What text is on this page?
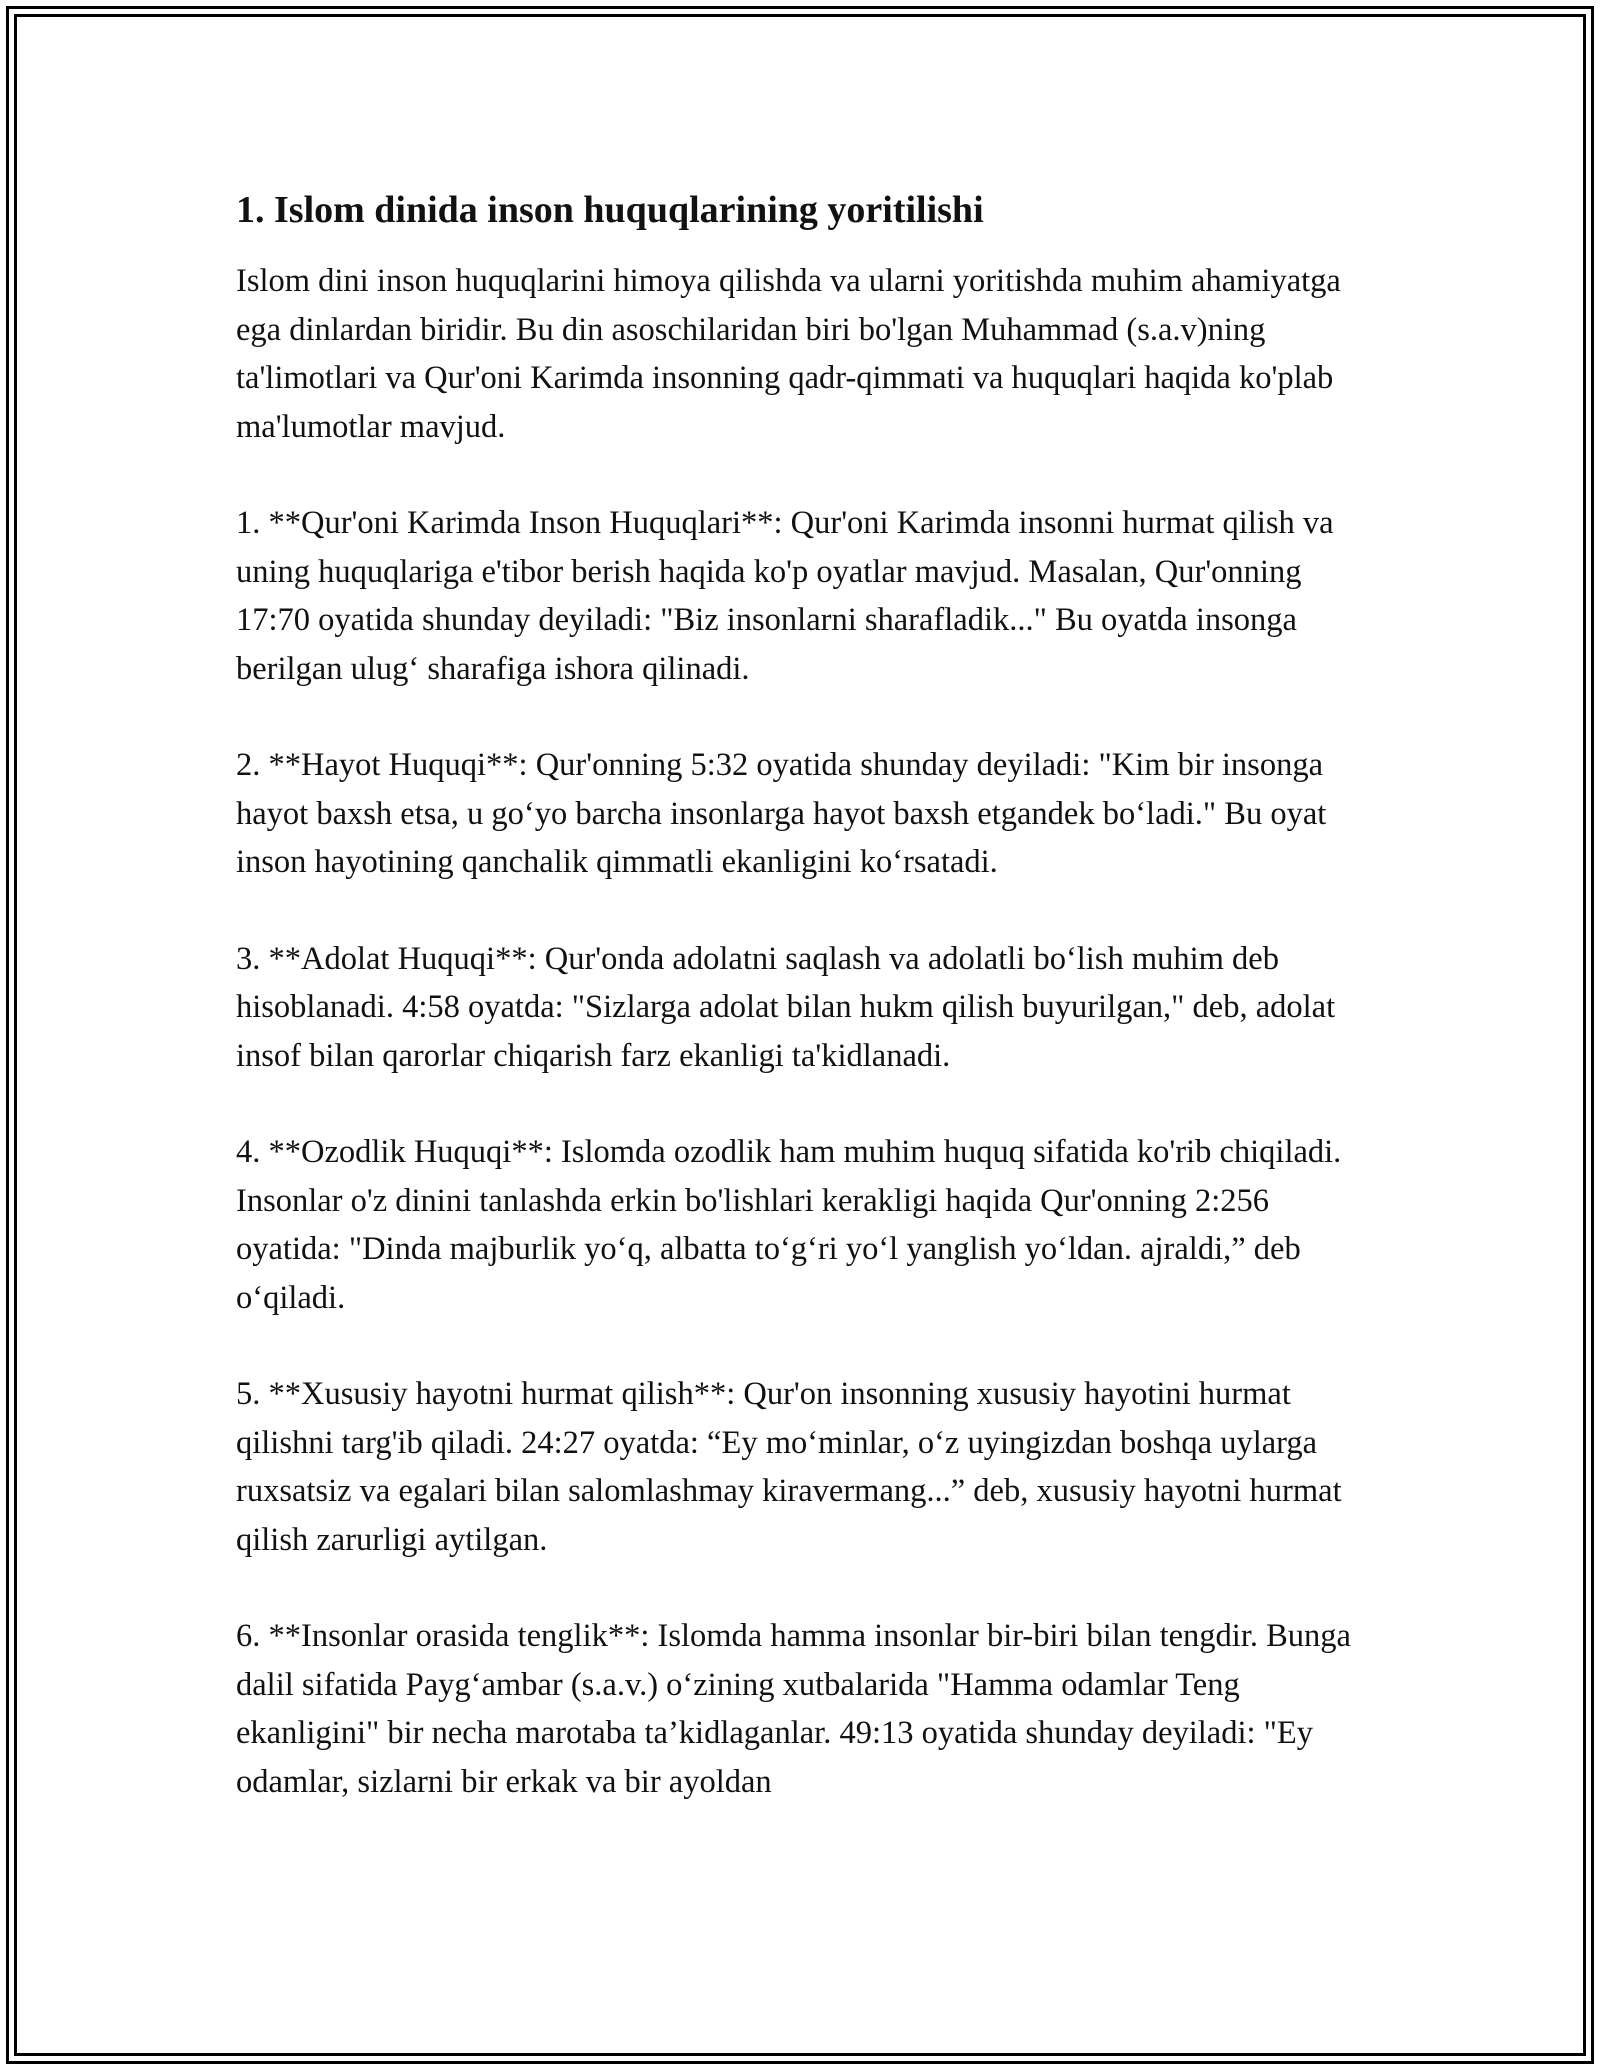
1. Islom dinida inson huquqlarining yoritilishi

Islom dini inson huquqlarini himoya qilishda va ularni yoritishda muhim ahamiyatga ega dinlardan biridir. Bu din asoschilaridan biri bo'lgan Muhammad (s.a.v)ning ta'limotlari va Qur'oni Karimda insonning qadr-qimmati va huquqlari haqida ko'plab ma'lumotlar mavjud.

1. **Qur'oni Karimda Inson Huquqlari**: Qur'oni Karimda insonni hurmat qilish va uning huquqlariga e'tibor berish haqida ko'p oyatlar mavjud. Masalan, Qur'onning 17:70 oyatida shunday deyiladi: "Biz insonlarni sharafladik..." Bu oyatda insonga berilgan ulug‘ sharafiga ishora qilinadi.

2. **Hayot Huquqi**: Qur'onning 5:32 oyatida shunday deyiladi: "Kim bir insonga hayot baxsh etsa, u go‘yo barcha insonlarga hayot baxsh etgandek bo‘ladi." Bu oyat inson hayotining qanchalik qimmatli ekanligini ko‘rsatadi.

3. **Adolat Huquqi**: Qur'onda adolatni saqlash va adolatli bo‘lish muhim deb hisoblanadi. 4:58 oyatda: "Sizlarga adolat bilan hukm qilish buyurilgan," deb, adolat insof bilan qarorlar chiqarish farz ekanligi ta'kidlanadi.

4. **Ozodlik Huquqi**: Islomda ozodlik ham muhim huquq sifatida ko'rib chiqiladi. Insonlar o'z dinini tanlashda erkin bo'lishlari kerakligi haqida Qur'onning 2:256 oyatida: "Dinda majburlik yo‘q, albatta to‘g‘ri yo‘l yanglish yo‘ldan. ajraldi,” deb o‘qiladi.

5. **Xususiy hayotni hurmat qilish**: Qur'on insonning xususiy hayotini hurmat qilishni targ'ib qiladi. 24:27 oyatda: “Ey mo‘minlar, o‘z uyingizdan boshqa uylarga ruxsatsiz va egalari bilan salomlashmay kiravermang...” deb, xususiy hayotni hurmat qilish zarurligi aytilgan.

6. **Insonlar orasida tenglik**: Islomda hamma insonlar bir-biri bilan tengdir. Bunga dalil sifatida Payg‘ambar (s.a.v.) o‘zining xutbalarida "Hamma odamlar Teng ekanligini" bir necha marotaba ta’kidlaganlar. 49:13 oyatida shunday deyiladi: "Ey odamlar, sizlarni bir erkak va bir ayoldan
